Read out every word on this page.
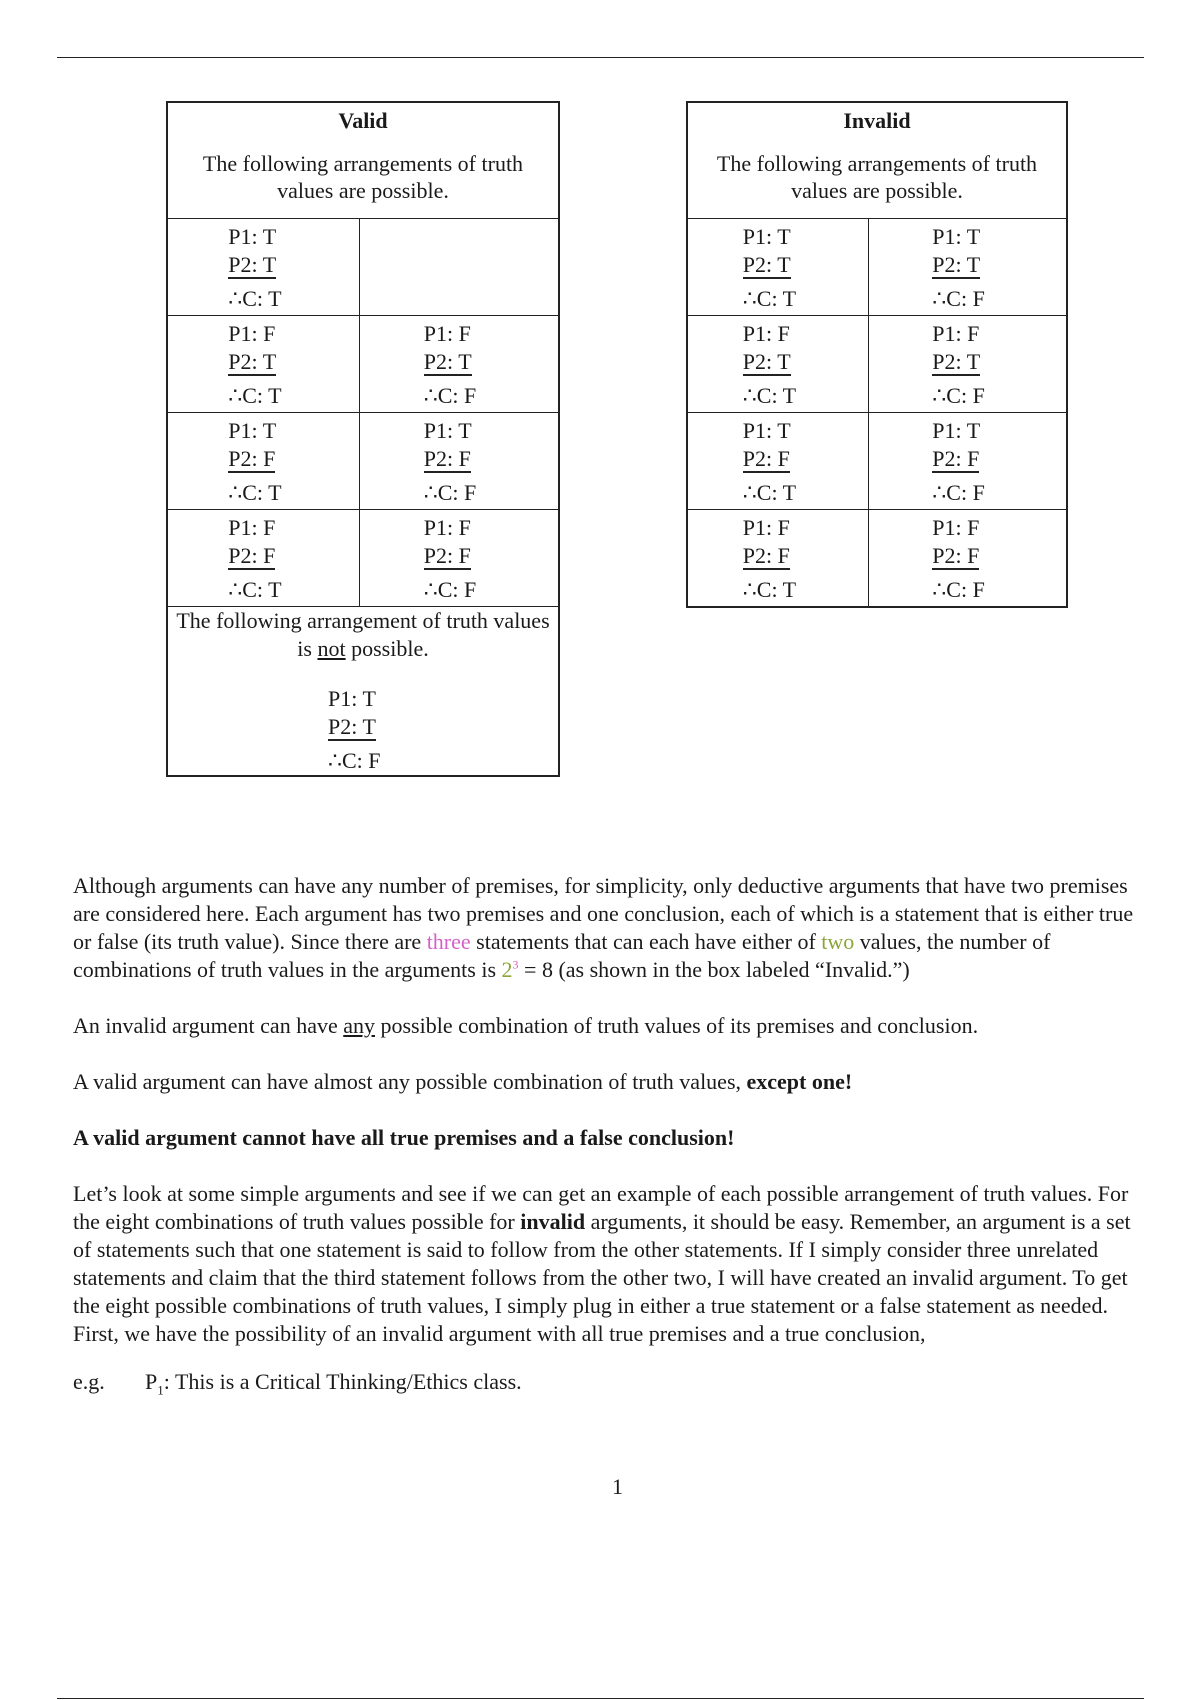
Valid
The following arrangements of truth values are possible.	

P1: T
P2: T
∴C: T	

P1: F
P2: T
∴C: T	P1: F
P2: T
∴C: F

P1: T
P2: F
∴C: T	P1: T
P2: F
∴C: F

P1: F
P2: F
∴C: T	P1: F
P2: F
∴C: F

The following arrangement of truth values is not possible.
P1: T
P2: T
∴C: F	
Invalid
The following arrangements of truth values are possible.	

P1: T
P2: T
∴C: T	P1: T
P2: T
∴C: F

P1: F
P2: T
∴C: T	P1: F
P2: T
∴C: F

P1: T
P2: F
∴C: T	P1: T
P2: F
∴C: F

P1: F
P2: F
∴C: T	P1: F
P2: F
∴C: F

Although arguments can have any number of premises, for simplicity, only deductive arguments that have two premises are considered here. Each argument has two premises and one conclusion, each of which is a statement that is either true or false (its truth value). Since there are three statements that can each have either of two values, the number of combinations of truth values in the arguments is $2^3 = 8$ (as shown in the box labeled “Invalid.”)

An invalid argument can have any possible combination of truth values of its premises and conclusion.

A valid argument can have almost any possible combination of truth values, except one!

A valid argument cannot have all true premises and a false conclusion!

Let’s look at some simple arguments and see if we can get an example of each possible arrangement of truth values. For the eight combinations of truth values possible for invalid arguments, it should be easy. Remember, an argument is a set of statements such that one statement is said to follow from the other statements. If I simply consider three unrelated statements and claim that the third statement follows from the other two, I will have created an invalid argument. To get the eight possible combinations of truth values, I simply plug in either a true statement or a false statement as needed.

First, we have the possibility of an invalid argument with all true premises and a true conclusion,

e.g. $P_1$: This is a Critical Thinking/Ethics class.
1
